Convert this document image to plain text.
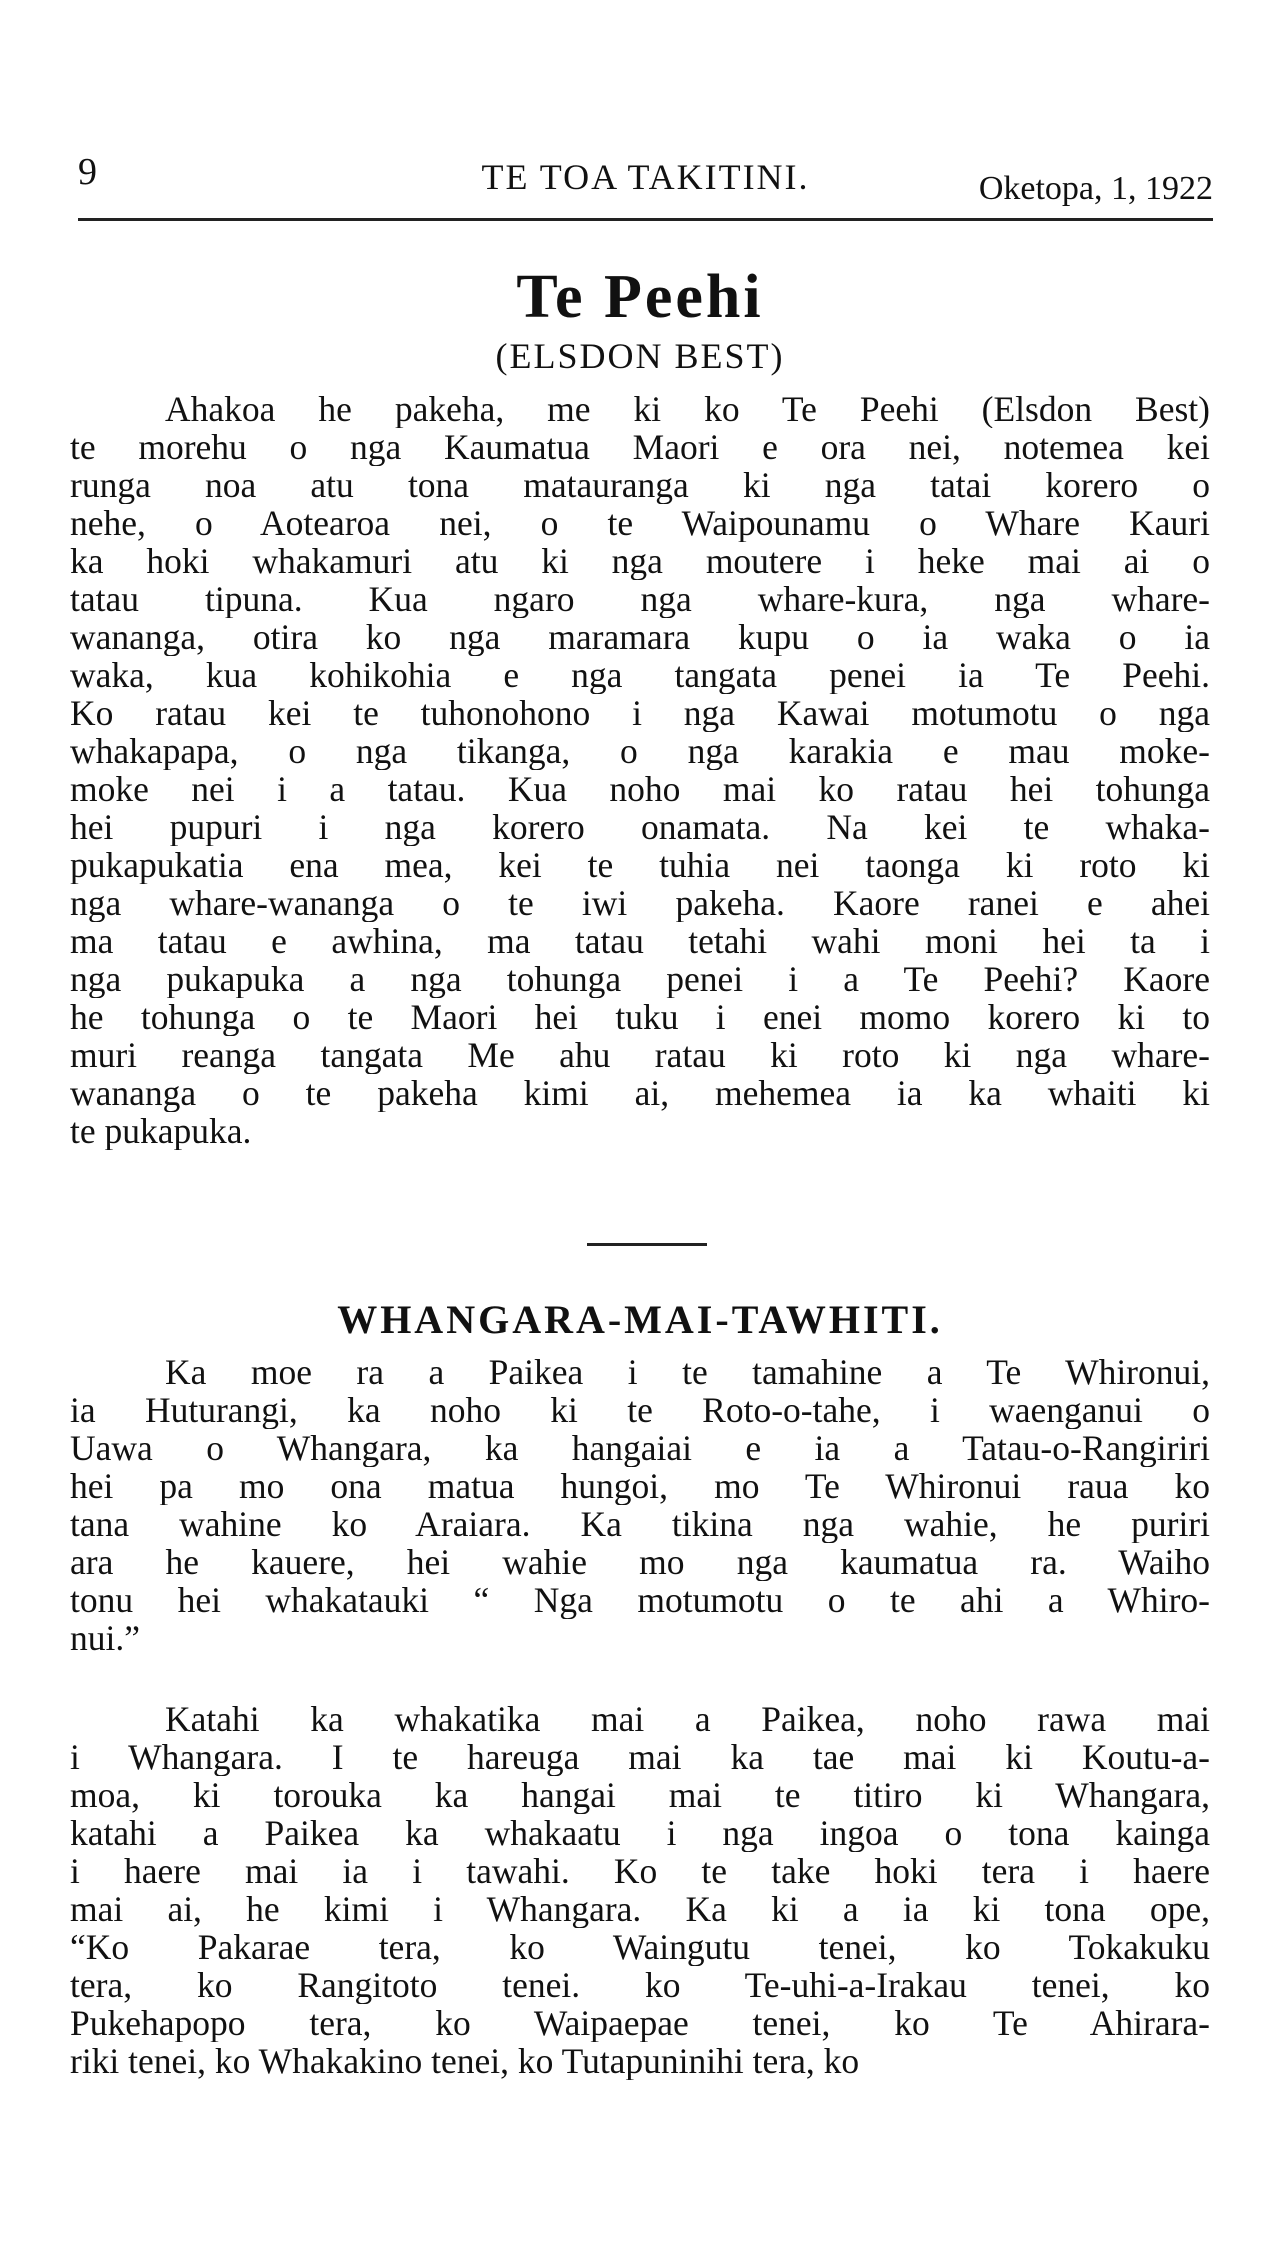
9	TE TOA TAKITINI.	Oketopa, 1, 1922
Te Peehi
(ELSDON BEST)
Ahakoa he pakeha, me ki ko Te Peehi (Elsdon Best)
te morehu o nga Kaumatua Maori e ora nei, notemea kei
runga noa atu tona matauranga ki nga tatai korero o
nehe, o Aotearoa nei, o te Waipounamu o Whare Kauri
ka hoki whakamuri atu ki nga moutere i heke mai ai o
tatau tipuna. Kua ngaro nga whare-kura, nga whare-
wananga, otira ko nga maramara kupu o ia waka o ia
waka, kua kohikohia e nga tangata penei ia Te Peehi.
Ko ratau kei te tuhonohono i nga Kawai motumotu o nga
whakapapa, o nga tikanga, o nga karakia e mau moke-
moke nei i a tatau. Kua noho mai ko ratau hei tohunga
hei pupuri i nga korero onamata. Na kei te whaka-
pukapukatia ena mea, kei te tuhia nei taonga ki roto ki
nga whare-wananga o te iwi pakeha. Kaore ranei e ahei
ma tatau e awhina, ma tatau tetahi wahi moni hei ta i
nga pukapuka a nga tohunga penei i a Te Peehi? Kaore
he tohunga o te Maori hei tuku i enei momo korero ki to
muri reanga tangata Me ahu ratau ki roto ki nga whare-
wananga o te pakeha kimi ai, mehemea ia ka whaiti ki
te pukapuka.
WHANGARA-MAI-TAWHITI.
Ka moe ra a Paikea i te tamahine a Te Whironui,
ia Huturangi, ka noho ki te Roto-o-tahe, i waenganui o
Uawa o Whangara, ka hangaiai e ia a Tatau-o-Rangiriri
hei pa mo ona matua hungoi, mo Te Whironui raua ko
tana wahine ko Araiara. Ka tikina nga wahie, he puriri
ara he kauere, hei wahie mo nga kaumatua ra. Waiho
tonu hei whakatauki “ Nga motumotu o te ahi a Whiro-
nui.”
Katahi ka whakatika mai a Paikea, noho rawa mai
i Whangara. I te hareuga mai ka tae mai ki Koutu-a-
moa, ki torouka ka hangai mai te titiro ki Whangara,
katahi a Paikea ka whakaatu i nga ingoa o tona kainga
i haere mai ia i tawahi. Ko te take hoki tera i haere
mai ai, he kimi i Whangara. Ka ki a ia ki tona ope,
“Ko Pakarae tera, ko Waingutu tenei, ko Tokakuku
tera, ko Rangitoto tenei. ko Te-uhi-a-Irakau tenei, ko
Pukehapopo tera, ko Waipaepae tenei, ko Te Ahirara-
riki tenei, ko Whakakino tenei, ko Tutapuninihi tera, ko
